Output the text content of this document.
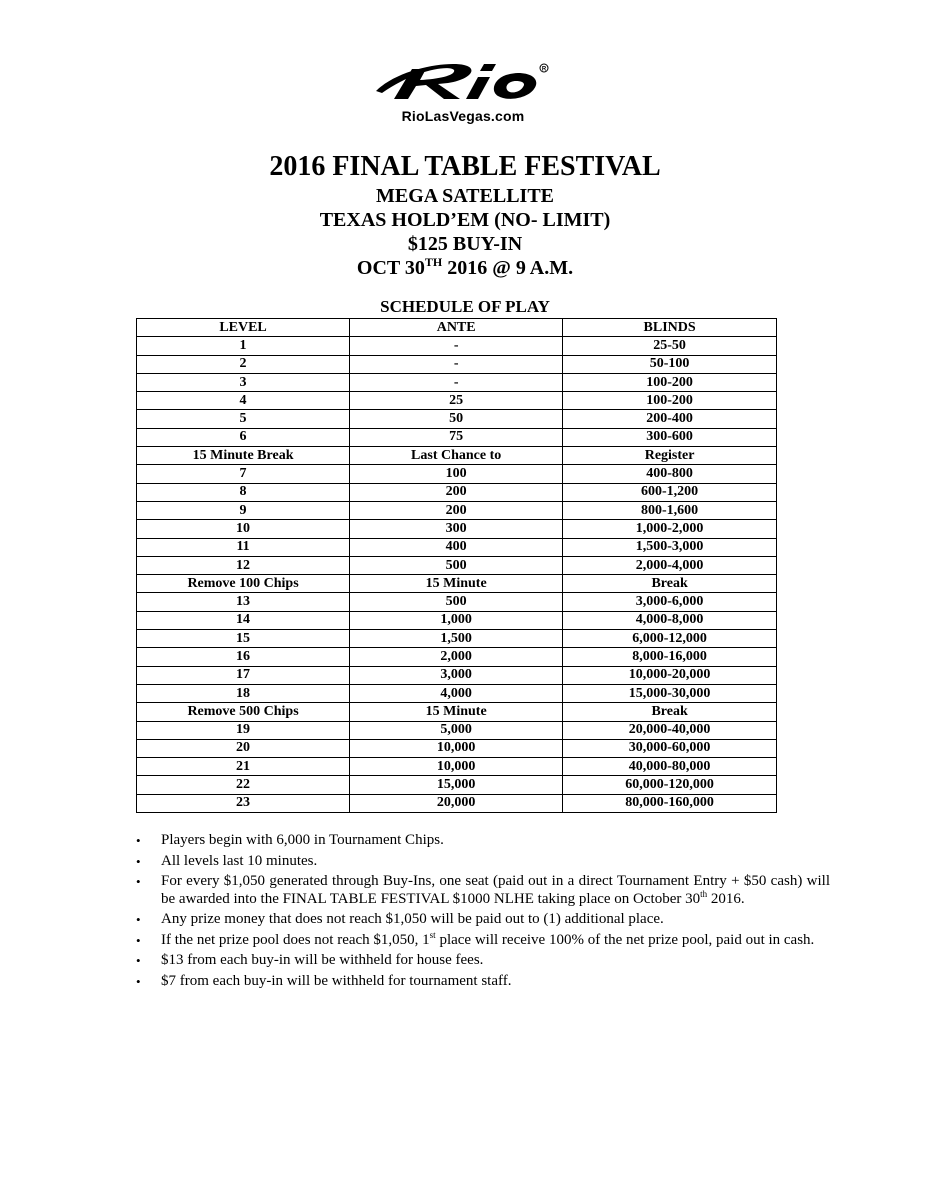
R
RioLasVegas.com
2016 FINAL TABLE FESTIVAL
MEGA SATELLITE
TEXAS HOLD’EM (NO- LIMIT)
$125 BUY-IN
OCT 30TH 2016 @ 9 A.M.
SCHEDULE OF PLAY
LEVEL	ANTE	BLINDS
1	-	25-50
2	-	50-100
3	-	100-200
4	25	100-200
5	50	200-400
6	75	300-600
15 Minute Break	Last Chance to	Register
7	100	400-800
8	200	600-1,200
9	200	800-1,600
10	300	1,000-2,000
11	400	1,500-3,000
12	500	2,000-4,000
Remove 100 Chips	15 Minute	Break
13	500	3,000-6,000
14	1,000	4,000-8,000
15	1,500	6,000-12,000
16	2,000	8,000-16,000
17	3,000	10,000-20,000
18	4,000	15,000-30,000
Remove 500 Chips	15 Minute	Break
19	5,000	20,000-40,000
20	10,000	30,000-60,000
21	10,000	40,000-80,000
22	15,000	60,000-120,000
23	20,000	80,000-160,000
• Players begin with 6,000 in Tournament Chips.
• All levels last 10 minutes.
• For every $1,050 generated through Buy-Ins, one seat (paid out in a direct Tournament Entry + $50 cash) will be awarded into the FINAL TABLE FESTIVAL $1000 NLHE taking place on October 30th 2016.
• Any prize money that does not reach $1,050 will be paid out to (1) additional place.
• If the net prize pool does not reach $1,050, 1st place will receive 100% of the net prize pool, paid out in cash.
• $13 from each buy-in will be withheld for house fees.
• $7 from each buy-in will be withheld for tournament staff.
